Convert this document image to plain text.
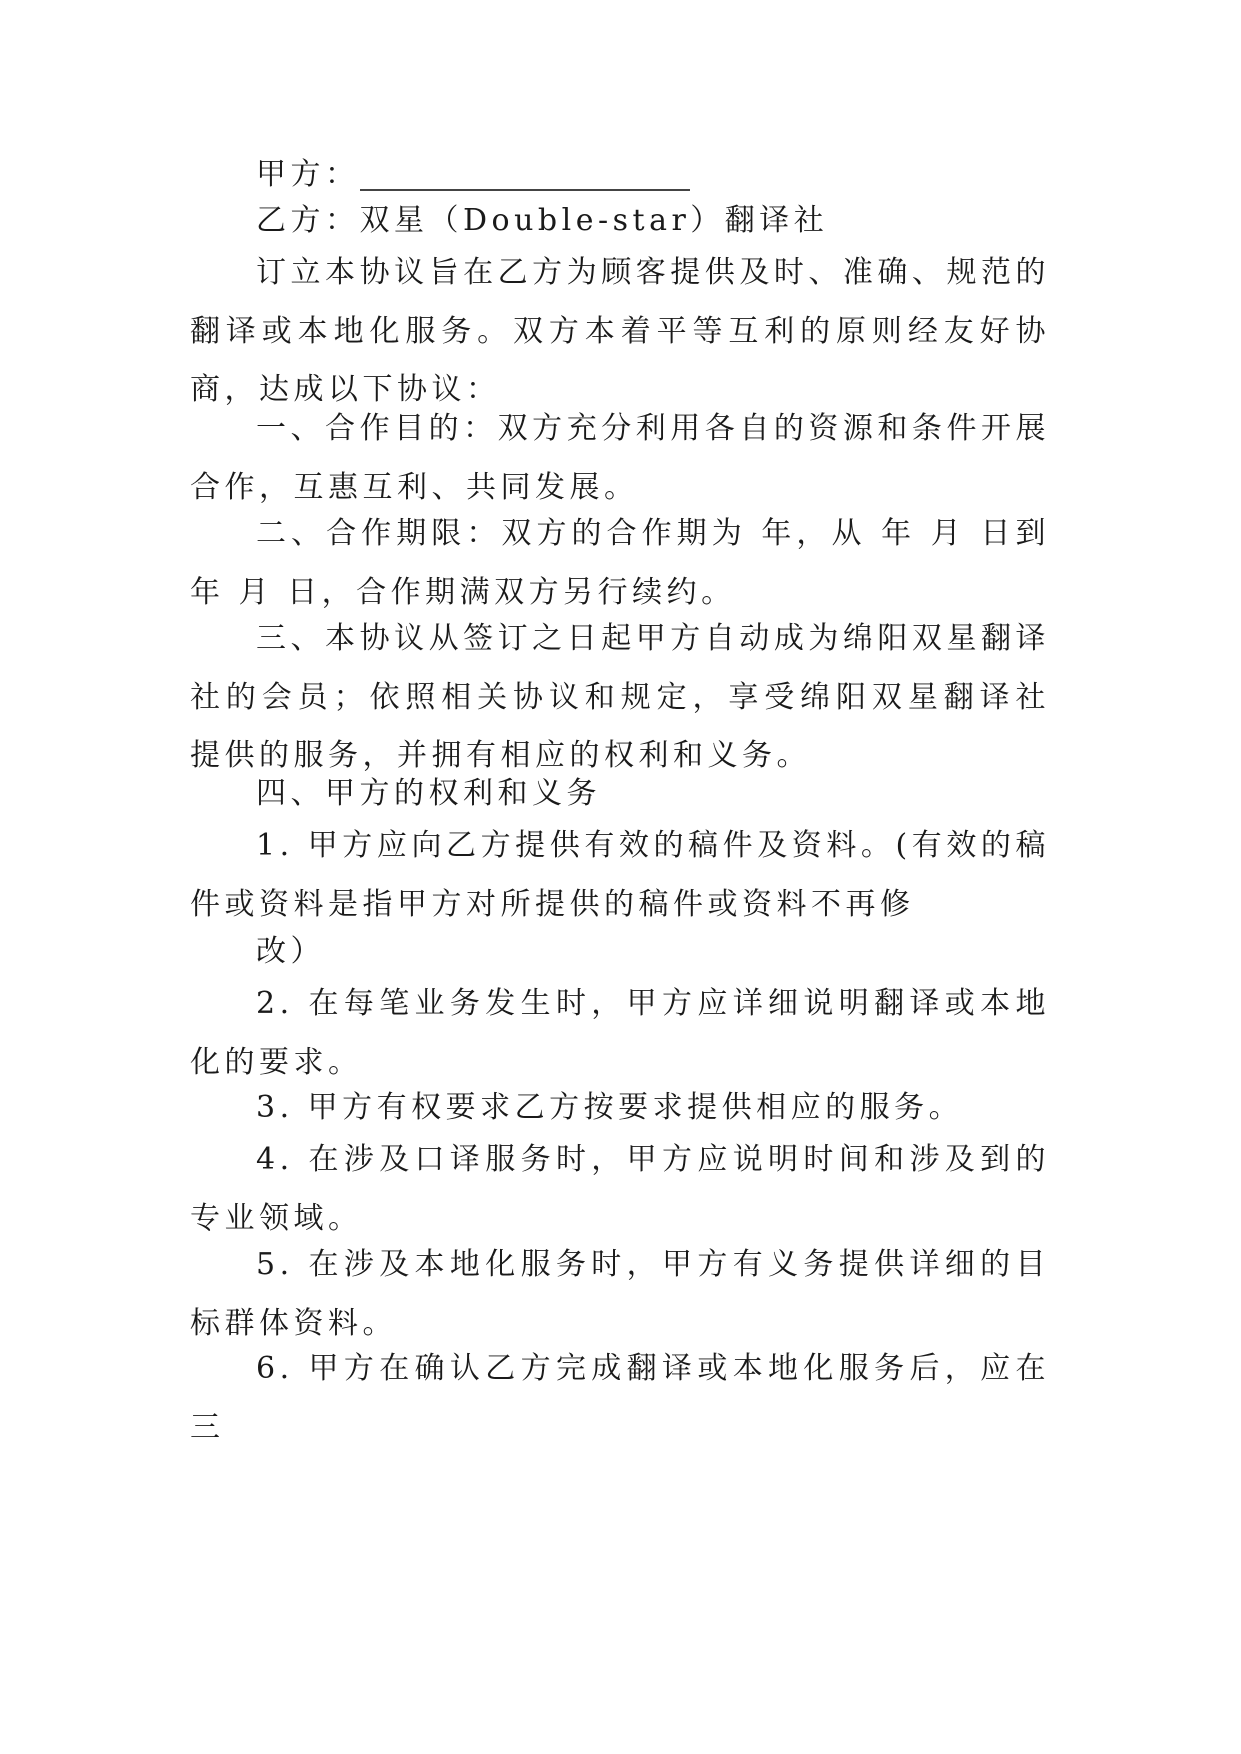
甲方：

乙方：双星（Double-star）翻译社

订立本协议旨在乙方为顾客提供及时、准确、规范的翻译或本地化服务。双方本着平等互利的原则经友好协商，达成以下协议：

一、合作目的：双方充分利用各自的资源和条件开展合作，互惠互利、共同发展。

二、合作期限：双方的合作期为 年，从 年 月 日到 年 月 日，合作期满双方另行续约。

三、本协议从签订之日起甲方自动成为绵阳双星翻译社的会员；依照相关协议和规定，享受绵阳双星翻译社提供的服务，并拥有相应的权利和义务。

四、甲方的权利和义务

1. 甲方应向乙方提供有效的稿件及资料。(有效的稿件或资料是指甲方对所提供的稿件或资料不再修

改）

2. 在每笔业务发生时，甲方应详细说明翻译或本地化的要求。

3. 甲方有权要求乙方按要求提供相应的服务。

4. 在涉及口译服务时，甲方应说明时间和涉及到的专业领域。

5. 在涉及本地化服务时，甲方有义务提供详细的目标群体资料。

6. 甲方在确认乙方完成翻译或本地化服务后，应在三
